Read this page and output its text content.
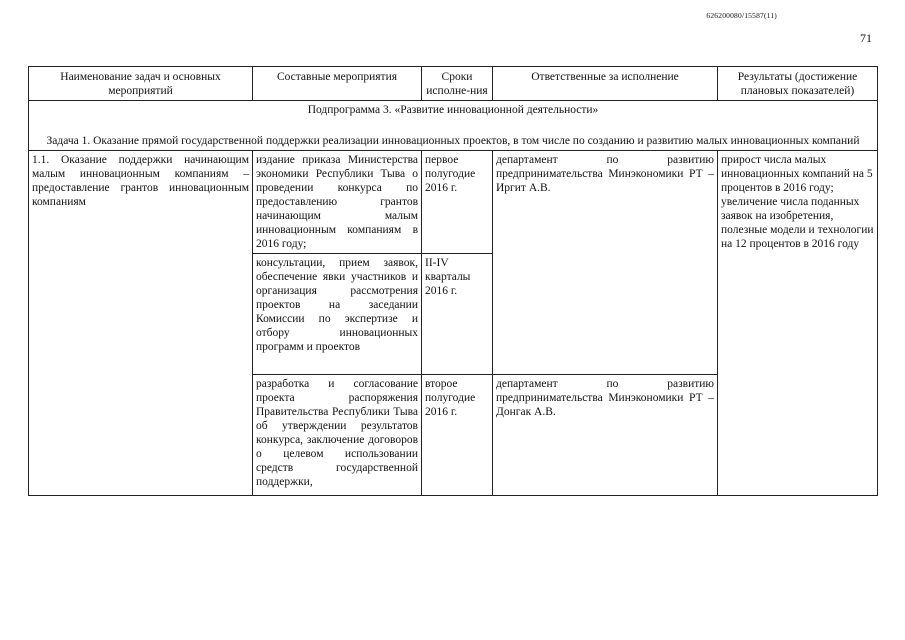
626200080/15587(11)
71
Наименование задач и основных мероприятий	Составные мероприятия	Сроки исполне-ния	Ответственные за исполнение	Результаты (достижение плановых показателей)

Подпрограмма 3. «Развитие инновационной деятельности»
Задача 1. Оказание прямой государственной поддержки реализации инновационных проектов, в том числе по созданию и развитию малых инновационных компаний				

1.1. Оказание поддержки начинающим малым инновационным компаниям – предоставление грантов инновационным компаниям	издание приказа Министерства экономики Республики Тыва о проведении конкурса по предоставлению грантов начинающим малым инновационным компаниям в 2016 году;	первое полугодие 2016 г.	департамент по развитию предпринимательства Минэкономики РТ – Иргит А.В.	прирост числа малых инновационных компаний на 5 процентов в 2016 году; увеличение числа поданных заявок на изобретения, полезные модели и технологии на 12 процентов в 2016 году
	консультации, прием заявок, обеспечение явки участников и организация рассмотрения проектов на заседании Комиссии по экспертизе и отбору инновационных программ и проектов	II-IV кварталы 2016 г.		
	разработка и согласование проекта распоряжения Правительства Республики Тыва об утверждении результатов конкурса, заключение договоров о целевом использовании средств государственной поддержки,	второе полугодие 2016 г.	департамент по развитию предпринимательства Минэкономики РТ – Донгак А.В.	
